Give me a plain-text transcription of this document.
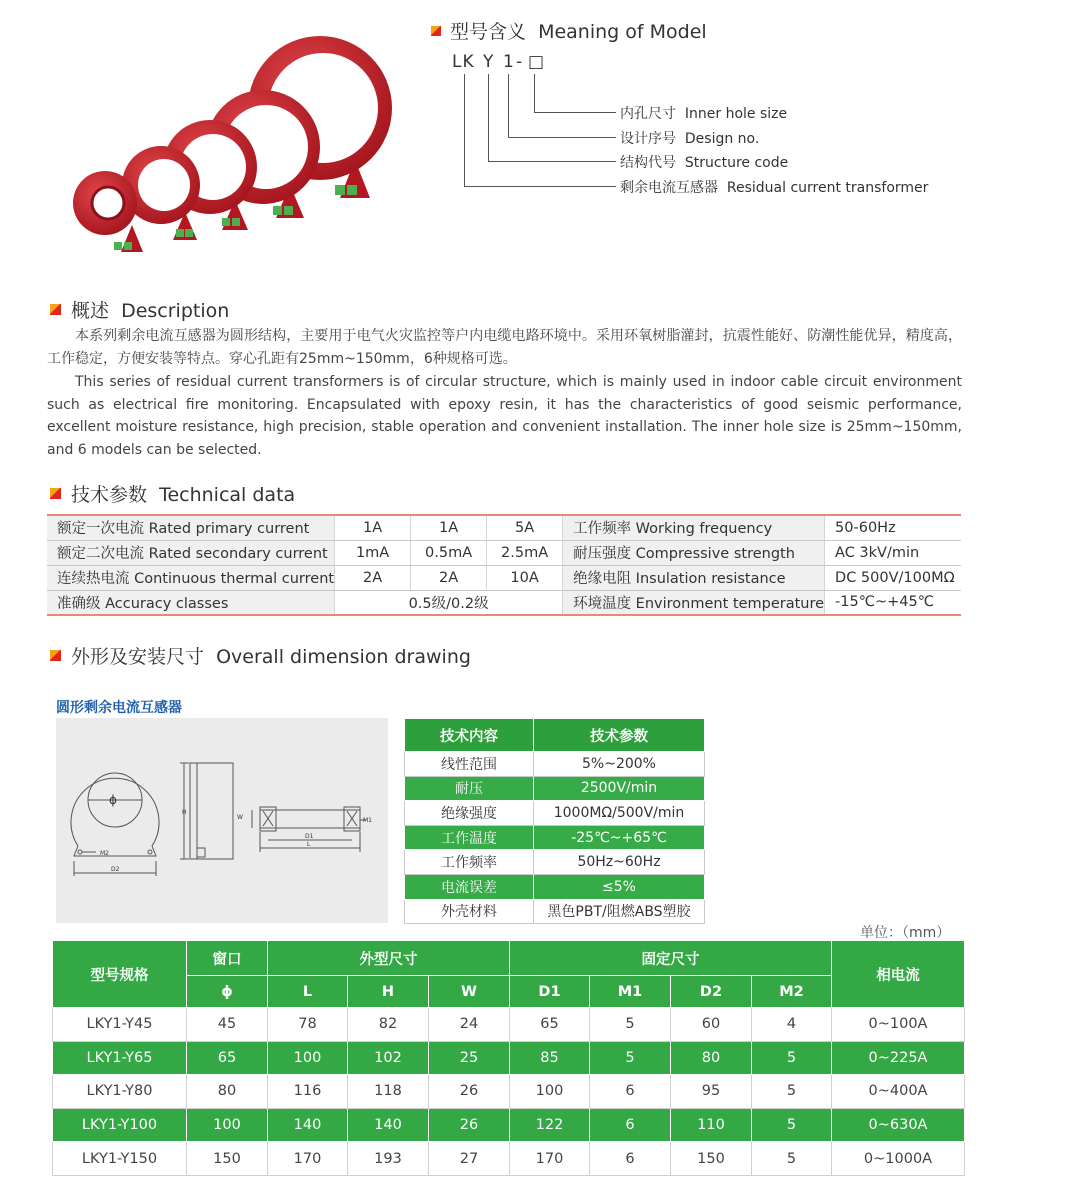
型号含义  Meaning of Model
LK Y 1 - □
内孔尺寸  Inner hole size
设计序号  Design no.
结构代号  Structure code
剩余电流互感器  Residual current transformer
概述  Description

本系列剩余电流互感器为圆形结构，主要用于电气火灾监控等户内电缆电路环境中。采用环氧树脂灌封，抗震性能好、防潮性能优异，精度高，工作稳定，方便安装等特点。穿心孔距有25mm~150mm，6种规格可选。

This series of residual current transformers is of circular structure, which is mainly used in indoor cable circuit environment such as electrical fire monitoring. Encapsulated with epoxy resin, it has the characteristics of good seismic performance, excellent moisture resistance, high precision, stable operation and convenient installation. The inner hole size is 25mm~150mm, and 6 models can be selected.

技术参数  Technical data
额定一次电流 Rated primary current	1A	1A	5A	工作频率 Working frequency	50-60Hz
额定二次电流 Rated secondary current	1mA	0.5mA	2.5mA	耐压强度 Compressive strength	AC 3kV/min
连续热电流 Continuous thermal current	2A	2A	10A	绝缘电阻 Insulation resistance	DC 500V/100MΩ
准确级 Accuracy classes	0.5级/0.2级			环境温度 Environment temperature	-15℃~+45℃
外形及安装尺寸  Overall dimension drawing
圆形剩余电流互感器
ϕ
M2
D2
H
W	M1
D1
L
技术内容	技术参数
线性范围	5%~200%
耐压	2500V/min
绝缘强度	1000MΩ/500V/min
工作温度	-25℃~+65℃
工作频率	50Hz~60Hz
电流误差	≤5%
外壳材料	黑色PBT/阻燃ABS塑胶
单位：（mm）
型号规格	窗口	外型尺寸			固定尺寸				相电流
	ϕ	L	H	W	D1	M1	D2	M2	
LKY1-Y45	45	78	82	24	65	5	60	4	0~100A
LKY1-Y65	65	100	102	25	85	5	80	5	0~225A
LKY1-Y80	80	116	118	26	100	6	95	5	0~400A
LKY1-Y100	100	140	140	26	122	6	110	5	0~630A
LKY1-Y150	150	170	193	27	170	6	150	5	0~1000A
